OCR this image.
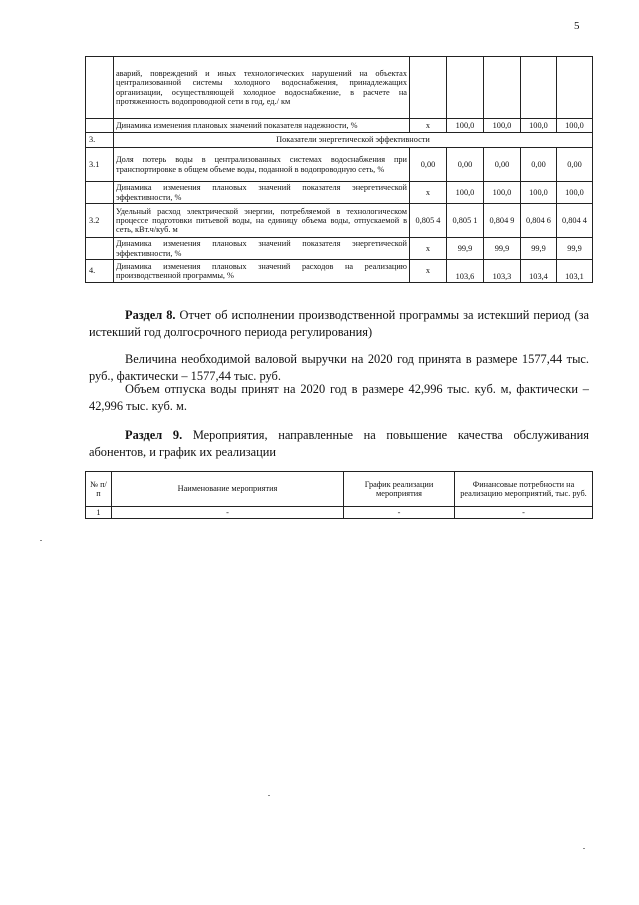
5
	аварий, повреждений и иных технологических нарушений на объектах централизованной системы холодного водоснабжения, принадлежащих организации, осуществляющей холодное водоснабжение, в расчете на протяженность водопроводной сети в год, ед./ км					
	Динамика изменения плановых значений показателя надежности, %	х	100,0	100,0	100,0	100,0
3.	Показатели энергетической эффективности					
3.1	Доля потерь воды в централизованных системах водоснабжения при транспортировке в общем объеме воды, поданной в водопроводную сеть, %	0,00	0,00	0,00	0,00	0,00
	Динамика изменения плановых значений показателя энергетической эффективности, %	х	100,0	100,0	100,0	100,0
3.2	Удельный расход электрической энергии, потребляемой в технологическом процессе подготовки питьевой воды, на единицу объема воды, отпускаемой в сеть, кВт.ч/куб. м	0,805 4	0,805 1	0,804 9	0,804 6	0,804 4
	Динамика изменения плановых значений показателя энергетической эффективности, %	х	99,9	99,9	99,9	99,9
4.	Динамика изменения плановых значений расходов на реализацию производственной программы, %	х	103,6	103,3	103,4	103,1
Раздел 8. Отчет об исполнении производственной программы за истекший период (за истекший год долгосрочного периода регулирования)
Величина необходимой валовой выручки на 2020 год принята в размере 1577,44 тыс. руб., фактически – 1577,44 тыс. руб.
Объем отпуска воды принят на 2020 год в размере 42,996 тыс. куб. м, фактически – 42,996 тыс. куб. м.
Раздел 9. Мероприятия, направленные на повышение качества обслуживания абонентов, и график их реализации
№ п/п	Наименование мероприятия	График реализации мероприятия	Финансовые потребности на реализацию мероприятий, тыс. руб.
1	-	-	-
